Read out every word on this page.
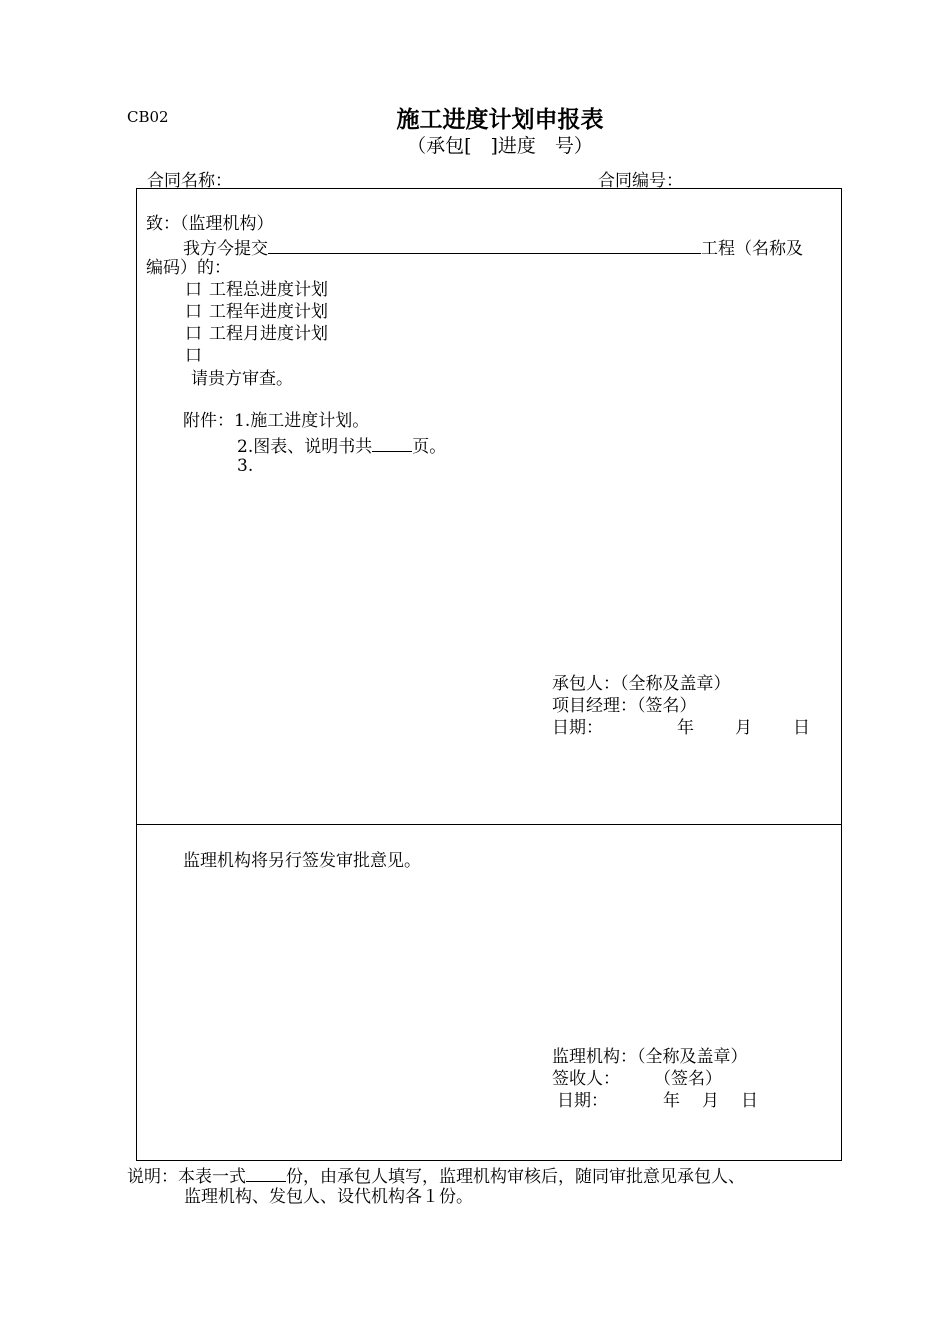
CB02	施工进度计划申报表
（承包[　]进度　号）
合同名称：	合同编号：
致：（监理机构）
我方今提交	工程（名称及
编码）的：
口 工程总进度计划
口 工程年进度计划
口 工程月进度计划
口
请贵方审查。
附件：1.施工进度计划。
2.图表、说明书共 页。
3.
承包人：（全称及盖章）
项目经理：（签名）
日期：	年 月 日
监理机构将另行签发审批意见。
监理机构：（全称及盖章）
签收人： （签名）
日期：	年 月 日
说明：本表一式 份，由承包人填写，监理机构审核后，随同审批意见承包人、
监理机构、发包人、设代机构各１份。
